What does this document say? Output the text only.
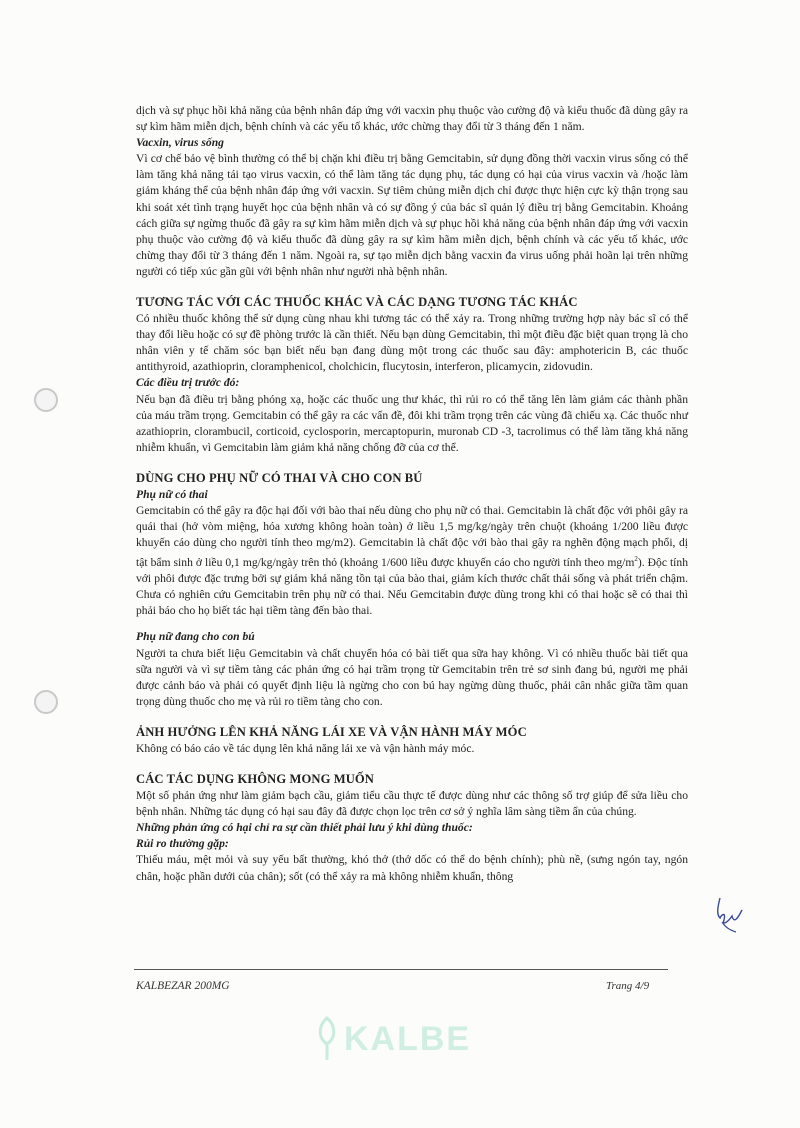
dịch và sự phục hồi khả năng của bệnh nhân đáp ứng với vacxin phụ thuộc vào cường độ và kiểu thuốc đã dùng gây ra sự kìm hãm miễn dịch, bệnh chính và các yếu tố khác, ước chừng thay đổi từ 3 tháng đến 1 năm.

Vacxin, virus sống

Vì cơ chế bảo vệ bình thường có thể bị chặn khi điều trị bằng Gemcitabin, sử dụng đồng thời vacxin virus sống có thể làm tăng khả năng tái tạo virus vacxin, có thể làm tăng tác dụng phụ, tác dụng có hại của virus vacxin và /hoặc làm giảm kháng thể của bệnh nhân đáp ứng với vacxin. Sự tiêm chủng miễn dịch chỉ được thực hiện cực kỳ thận trọng sau khi soát xét tình trạng huyết học của bệnh nhân và có sự đồng ý của bác sĩ quản lý điều trị bằng Gemcitabin. Khoảng cách giữa sự ngừng thuốc đã gây ra sự kìm hãm miễn dịch và sự phục hồi khả năng của bệnh nhân đáp ứng với vacxin phụ thuộc vào cường độ và kiểu thuốc đã dùng gây ra sự kìm hãm miễn dịch, bệnh chính và các yếu tố khác, ước chừng thay đổi từ 3 tháng đến 1 năm. Ngoài ra, sự tạo miễn dịch bằng vacxin đa virus uống phải hoãn lại trên những người có tiếp xúc gần gũi với bệnh nhân như người nhà bệnh nhân.

TƯƠNG TÁC VỚI CÁC THUỐC KHÁC VÀ CÁC DẠNG TƯƠNG TÁC KHÁC

Có nhiều thuốc không thể sử dụng cùng nhau khi tương tác có thể xảy ra. Trong những trường hợp này bác sĩ có thể thay đổi liều hoặc có sự đề phòng trước là cần thiết. Nếu bạn dùng Gemcitabin, thì một điều đặc biệt quan trọng là cho nhân viên y tế chăm sóc bạn biết nếu bạn đang dùng một trong các thuốc sau đây: amphotericin B, các thuốc antithyroid, azathioprin, cloramphenicol, cholchicin, flucytosin, interferon, plicamycin, zidovudin.

Các điều trị trước đó:

Nếu bạn đã điều trị bằng phóng xạ, hoặc các thuốc ung thư khác, thì rủi ro có thể tăng lên làm giảm các thành phần của máu trầm trọng. Gemcitabin có thể gây ra các vấn đề, đôi khi trầm trọng trên các vùng đã chiếu xạ. Các thuốc như azathioprin, clorambucil, corticoid, cyclosporin, mercaptopurin, muronab CD -3, tacrolimus có thể làm tăng khả năng nhiễm khuẩn, vì Gemcitabin làm giảm khả năng chống đỡ của cơ thể.

DÙNG CHO PHỤ NỮ CÓ THAI VÀ CHO CON BÚ

Phụ nữ có thai

Gemcitabin có thể gây ra độc hại đối với bào thai nếu dùng cho phụ nữ có thai. Gemcitabin là chất độc với phôi gây ra quái thai (hở vòm miệng, hóa xương không hoàn toàn) ở liều 1,5 mg/kg/ngày trên chuột (khoảng 1/200 liều được khuyến cáo dùng cho người tính theo mg/m2). Gemcitabin là chất độc với bào thai gây ra nghẽn động mạch phổi, dị tật bẩm sinh ở liều 0,1 mg/kg/ngày trên thỏ (khoảng 1/600 liều được khuyến cáo cho người tính theo $mg/m^2$). Độc tính với phôi được đặc trưng bởi sự giảm khả năng tồn tại của bào thai, giảm kích thước chất thải sống và phát triển chậm. Chưa có nghiên cứu Gemcitabin trên phụ nữ có thai. Nếu Gemcitabin được dùng trong khi có thai hoặc sẽ có thai thì phải báo cho họ biết tác hại tiềm tàng đến bào thai.

Phụ nữ đang cho con bú

Người ta chưa biết liệu Gemcitabin và chất chuyển hóa có bài tiết qua sữa hay không. Vì có nhiều thuốc bài tiết qua sữa người và vì sự tiềm tàng các phản ứng có hại trầm trọng từ Gemcitabin trên trẻ sơ sinh đang bú, người mẹ phải được cảnh báo và phải có quyết định liệu là ngừng cho con bú hay ngừng dùng thuốc, phải cân nhắc giữa tầm quan trọng dùng thuốc cho mẹ và rủi ro tiềm tàng cho con.

ẢNH HƯỞNG LÊN KHẢ NĂNG LÁI XE VÀ VẬN HÀNH MÁY MÓC

Không có báo cáo về tác dụng lên khả năng lái xe và vận hành máy móc.

CÁC TÁC DỤNG KHÔNG MONG MUỐN

Một số phản ứng như làm giảm bạch cầu, giảm tiểu cầu thực tế được dùng như các thông số trợ giúp để sửa liều cho bệnh nhân. Những tác dụng có hại sau đây đã được chọn lọc trên cơ sở ý nghĩa lâm sàng tiềm ẩn của chúng.

Những phản ứng có hại chỉ ra sự cần thiết phải lưu ý khi dùng thuốc:

Rủi ro thường gặp:

Thiếu máu, mệt mỏi và suy yếu bất thường, khó thở (thở dốc có thể do bệnh chính); phù nề, (sưng ngón tay, ngón chân, hoặc phần dưới của chân); sốt (có thể xảy ra mà không nhiễm khuẩn, thông

KALBEZAR 200MG	Trang 4/9
KALBE
